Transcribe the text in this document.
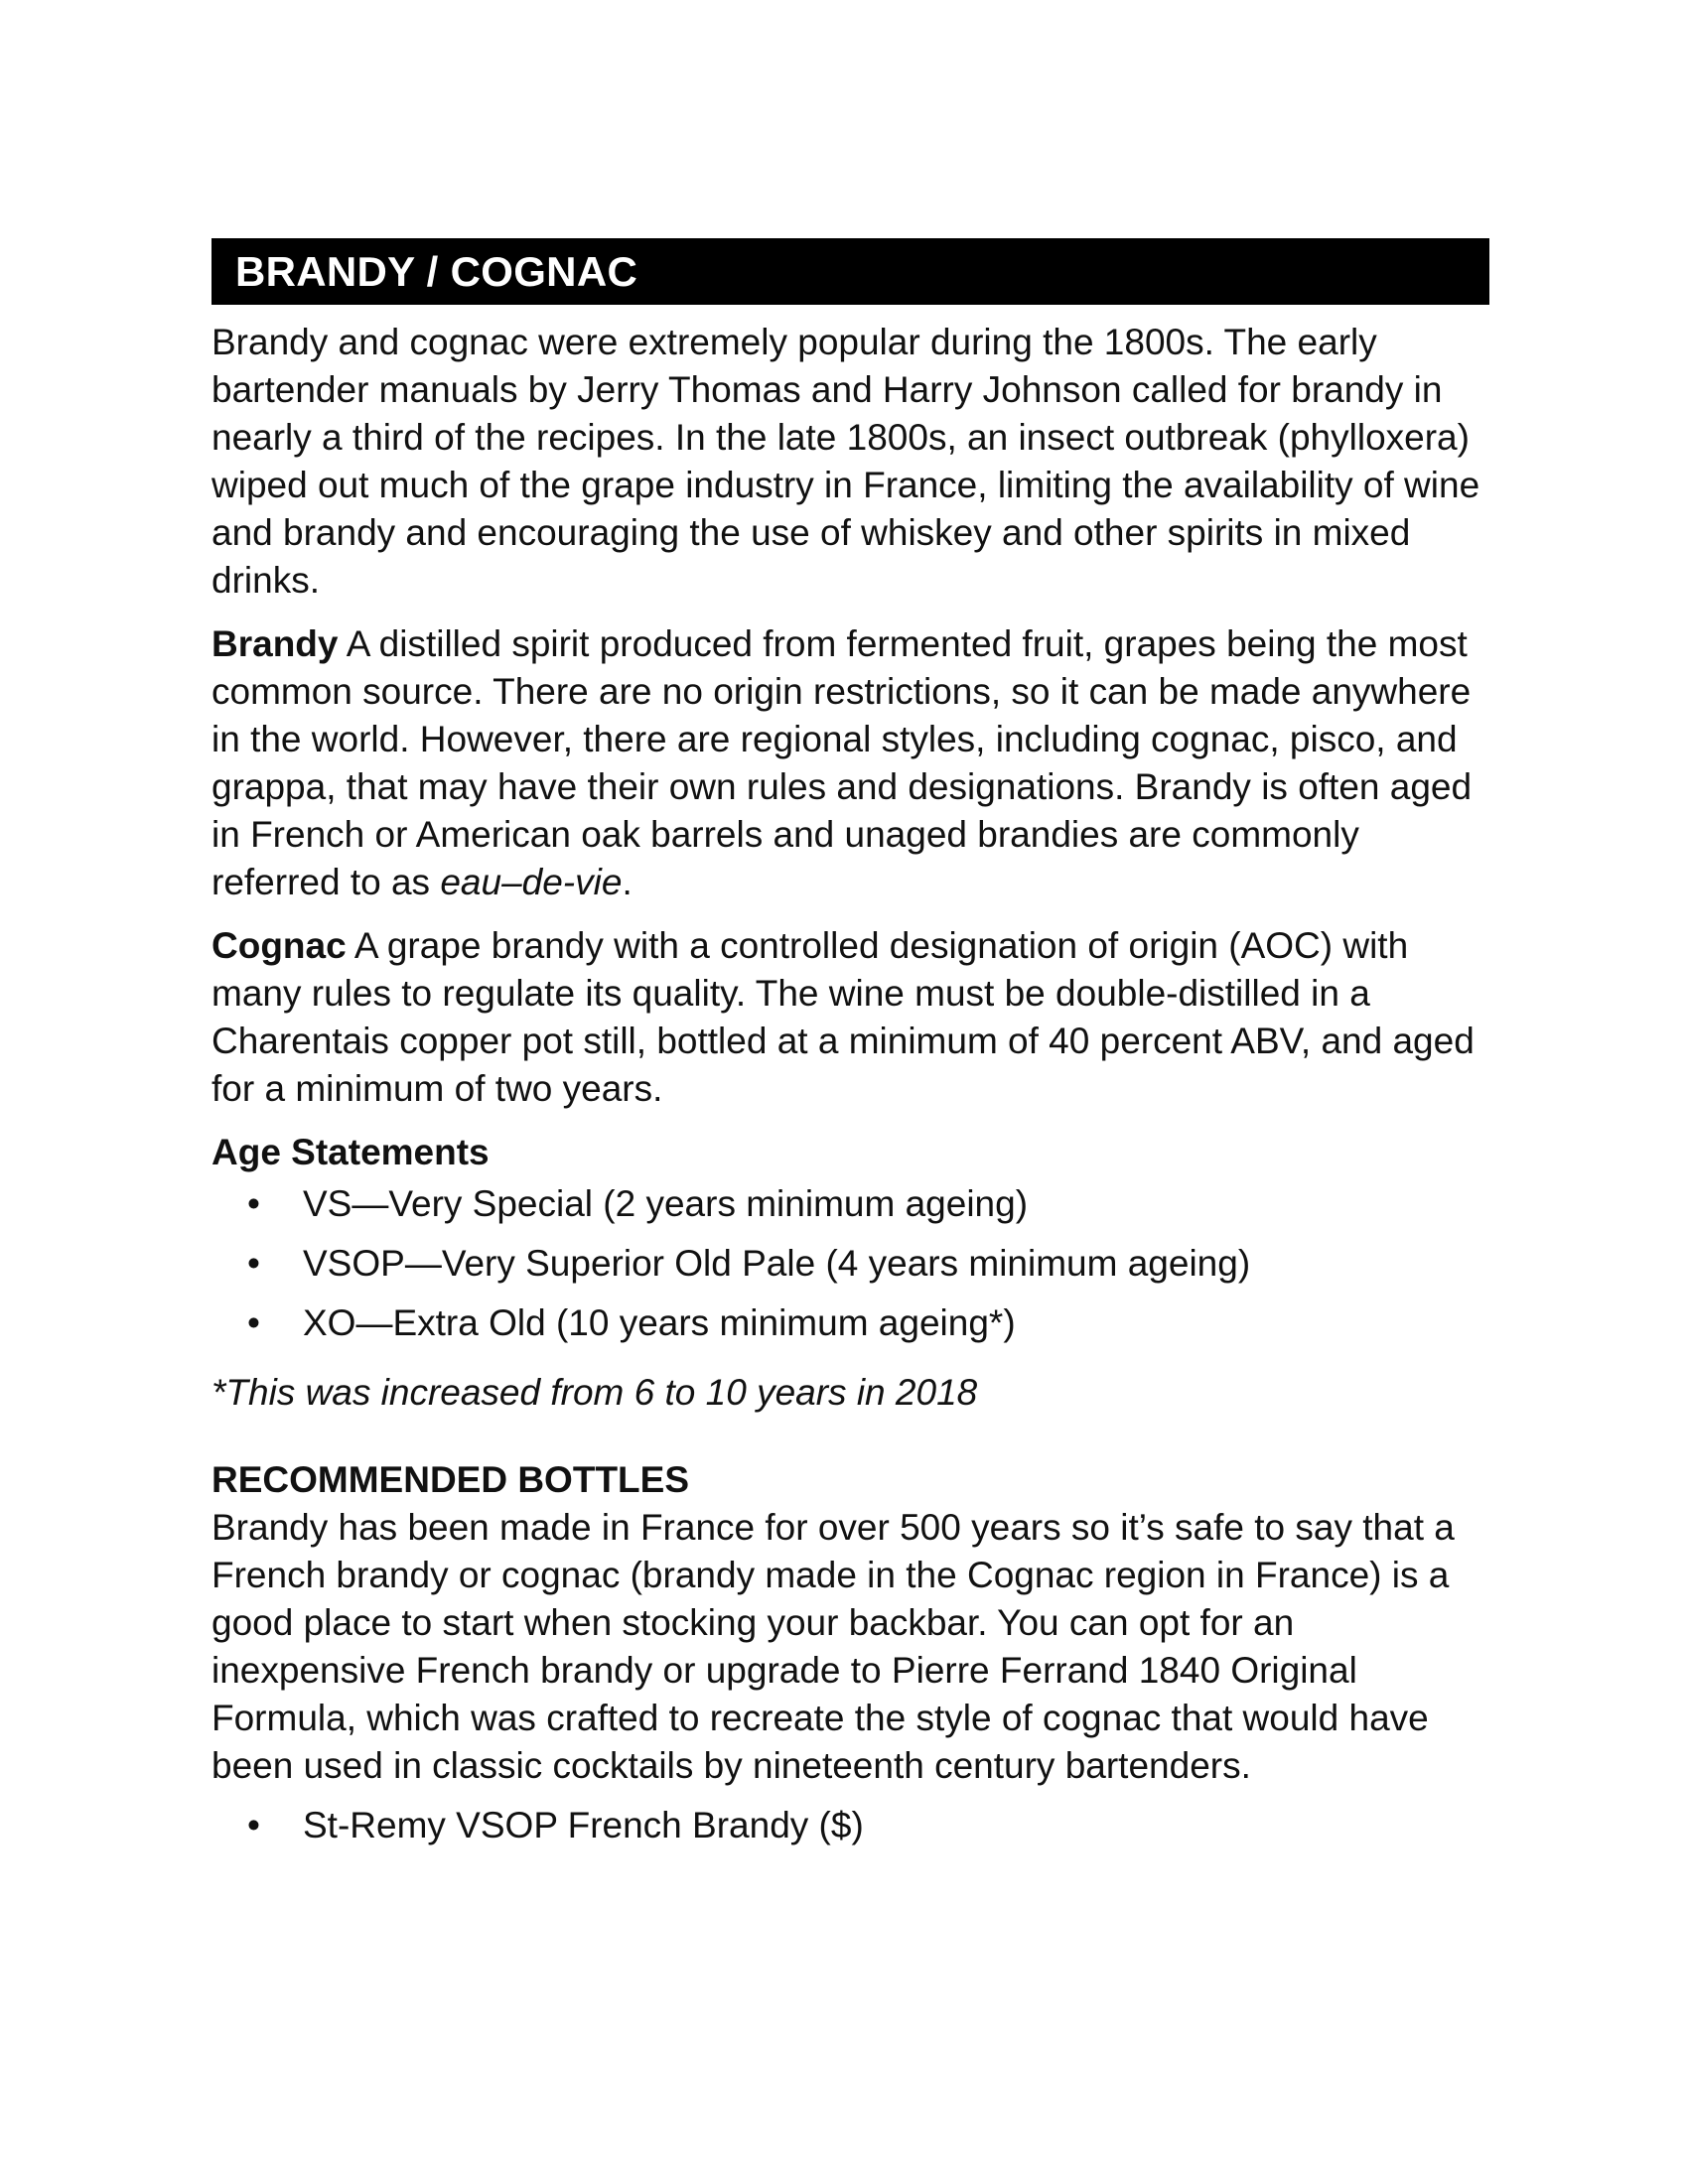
BRANDY / COGNAC

Brandy and cognac were extremely popular during the 1800s. The early bartender manuals by Jerry Thomas and Harry Johnson called for brandy in nearly a third of the recipes. In the late 1800s, an insect outbreak (phylloxera) wiped out much of the grape industry in France, limiting the availability of wine and brandy and encouraging the use of whiskey and other spirits in mixed drinks.

Brandy A distilled spirit produced from fermented fruit, grapes being the most common source. There are no origin restrictions, so it can be made anywhere in the world. However, there are regional styles, including cognac, pisco, and grappa, that may have their own rules and designations. Brandy is often aged in French or American oak barrels and unaged brandies are commonly referred to as eau–de-vie.

Cognac A grape brandy with a controlled designation of origin (AOC) with many rules to regulate its quality. The wine must be double-distilled in a Charentais copper pot still, bottled at a minimum of 40 percent ABV, and aged for a minimum of two years.

Age Statements
• VS—Very Special (2 years minimum ageing)
• VSOP—Very Superior Old Pale (4 years minimum ageing)
• XO—Extra Old (10 years minimum ageing*)

*This was increased from 6 to 10 years in 2018

RECOMMENDED BOTTLES

Brandy has been made in France for over 500 years so it’s safe to say that a French brandy or cognac (brandy made in the Cognac region in France) is a good place to start when stocking your backbar. You can opt for an inexpensive French brandy or upgrade to Pierre Ferrand 1840 Original Formula, which was crafted to recreate the style of cognac that would have been used in classic cocktails by nineteenth century bartenders.

• St-Remy VSOP French Brandy ($)
